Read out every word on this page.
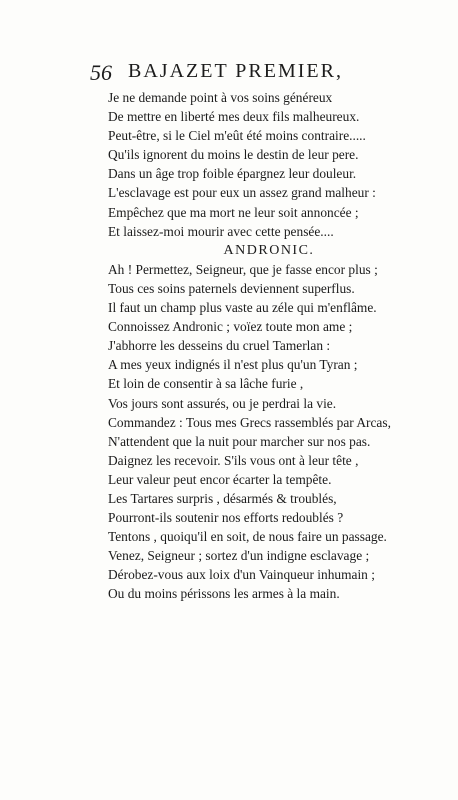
56 BAJAZET PREMIER,
Je ne demande point à vos soins généreux
De mettre en liberté mes deux fils malheureux.
Peut-être, si le Ciel m'eût été moins contraire.....
Qu'ils ignorent du moins le destin de leur pere.
Dans un âge trop foible épargnez leur douleur.
L'esclavage est pour eux un assez grand malheur :
Empêchez que ma mort ne leur soit annoncée ;
Et laissez-moi mourir avec cette pensée....
ANDRONIC.
Ah ! Permettez, Seigneur, que je fasse encor plus ;
Tous ces soins paternels deviennent superflus.
Il faut un champ plus vaste au zéle qui m'enflâme.
Connoissez Andronic ; voïez toute mon ame ;
J'abhorre les desseins du cruel Tamerlan :
A mes yeux indignés il n'est plus qu'un Tyran ;
Et loin de consentir à sa lâche furie ,
Vos jours sont assurés, ou je perdrai la vie.
Commandez : Tous mes Grecs rassemblés par Arcas,
N'attendent que la nuit pour marcher sur nos pas.
Daignez les recevoir. S'ils vous ont à leur tête ,
Leur valeur peut encor écarter la tempête.
Les Tartares surpris , désarmés & troublés,
Pourront-ils soutenir nos efforts redoublés ?
Tentons , quoiqu'il en soit, de nous faire un passage.
Venez, Seigneur ; sortez d'un indigne esclavage ;
Dérobez-vous aux loix d'un Vainqueur inhumain ;
Ou du moins périssons les armes à la main.
